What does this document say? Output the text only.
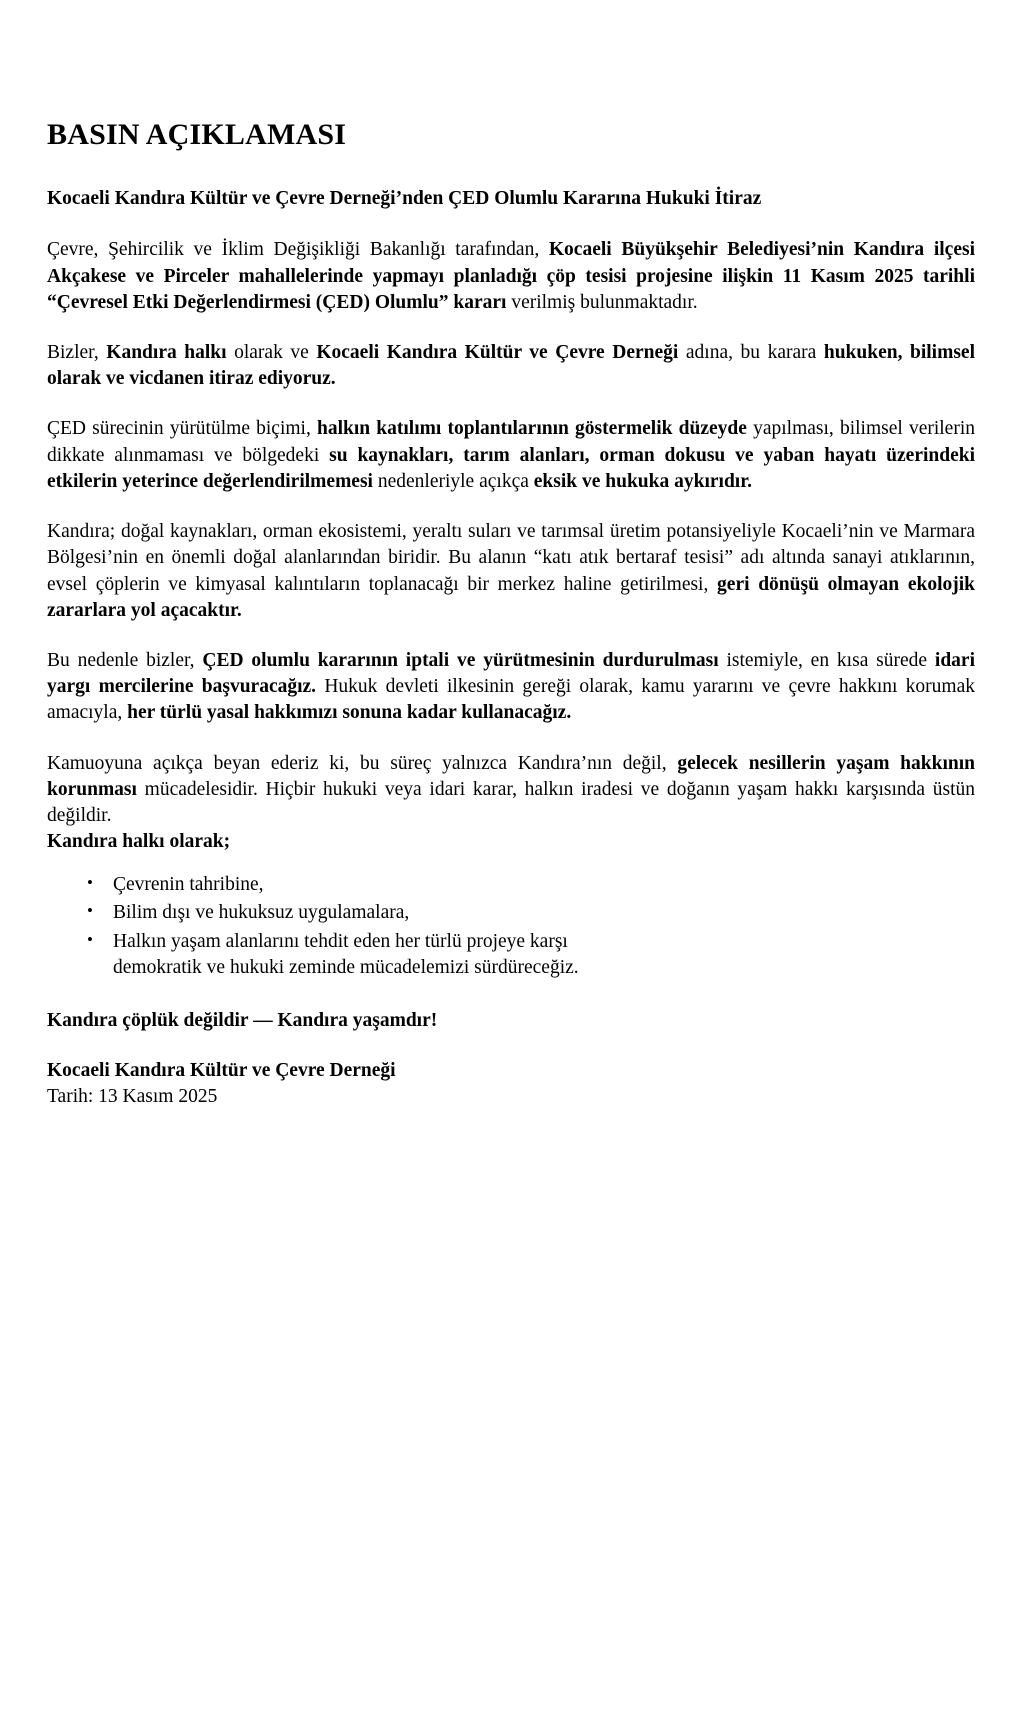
BASIN AÇIKLAMASI
Kocaeli Kandıra Kültür ve Çevre Derneği’nden ÇED Olumlu Kararına Hukuki İtiraz

Çevre, Şehircilik ve İklim Değişikliği Bakanlığı tarafından, Kocaeli Büyükşehir Belediyesi’nin Kandıra ilçesi Akçakese ve Pirceler mahallelerinde yapmayı planladığı çöp tesisi projesine ilişkin 11 Kasım 2025 tarihli “Çevresel Etki Değerlendirmesi (ÇED) Olumlu” kararı verilmiş bulunmaktadır.

Bizler, Kandıra halkı olarak ve Kocaeli Kandıra Kültür ve Çevre Derneği adına, bu karara hukuken, bilimsel olarak ve vicdanen itiraz ediyoruz.

ÇED sürecinin yürütülme biçimi, halkın katılımı toplantılarının göstermelik düzeyde yapılması, bilimsel verilerin dikkate alınmaması ve bölgedeki su kaynakları, tarım alanları, orman dokusu ve yaban hayatı üzerindeki etkilerin yeterince değerlendirilmemesi nedenleriyle açıkça eksik ve hukuka aykırıdır.

Kandıra; doğal kaynakları, orman ekosistemi, yeraltı suları ve tarımsal üretim potansiyeliyle Kocaeli’nin ve Marmara Bölgesi’nin en önemli doğal alanlarından biridir. Bu alanın “katı atık bertaraf tesisi” adı altında sanayi atıklarının, evsel çöplerin ve kimyasal kalıntıların toplanacağı bir merkez haline getirilmesi, geri dönüşü olmayan ekolojik zararlara yol açacaktır.

Bu nedenle bizler, ÇED olumlu kararının iptali ve yürütmesinin durdurulması istemiyle, en kısa sürede idari yargı mercilerine başvuracağız. Hukuk devleti ilkesinin gereği olarak, kamu yararını ve çevre hakkını korumak amacıyla, her türlü yasal hakkımızı sonuna kadar kullanacağız.

Kamuoyuna açıkça beyan ederiz ki, bu süreç yalnızca Kandıra’nın değil, gelecek nesillerin yaşam hakkının korunması mücadelesidir. Hiçbir hukuki veya idari karar, halkın iradesi ve doğanın yaşam hakkı karşısında üstün değildir.

Kandıra halkı olarak;
• Çevrenin tahribine,
• Bilim dışı ve hukuksuz uygulamalara,
• Halkın yaşam alanlarını tehdit eden her türlü projeye karşı
demokratik ve hukuki zeminde mücadelemizi sürdüreceğiz.
Kandıra çöplük değildir — Kandıra yaşamdır!
Kocaeli Kandıra Kültür ve Çevre Derneği
Tarih: 13 Kasım 2025
